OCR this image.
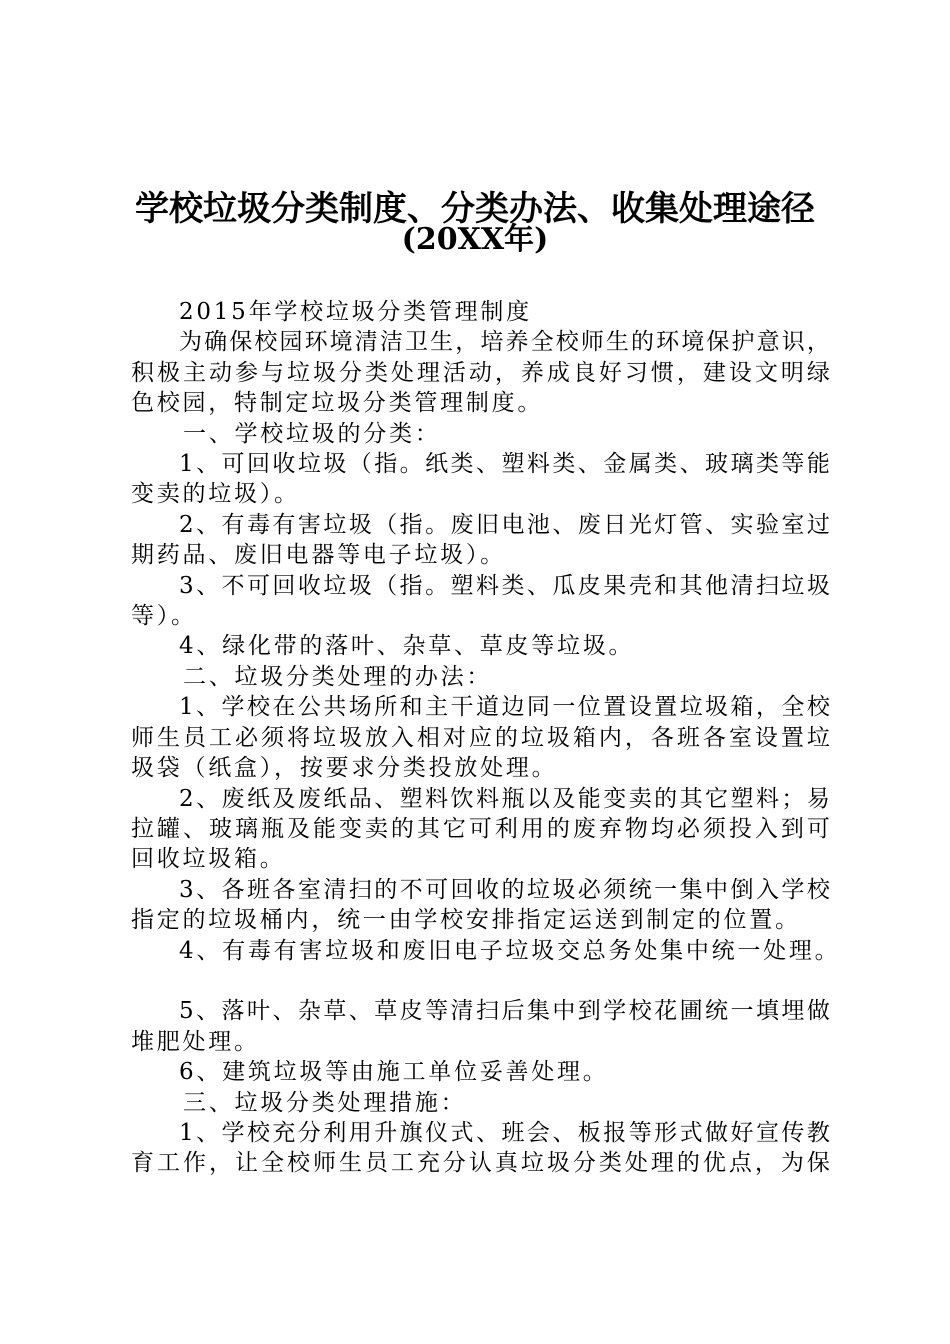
学校垃圾分类制度、分类办法、收集处理途径
(20XX年)

2015年学校垃圾分类管理制度

为确保校园环境清洁卫生，培养全校师生的环境保护意识，

积极主动参与垃圾分类处理活动，养成良好习惯，建设文明绿

色校园，特制定垃圾分类管理制度。

一、学校垃圾的分类：

1、可回收垃圾（指。纸类、塑料类、金属类、玻璃类等能

变卖的垃圾）。

2、有毒有害垃圾（指。废旧电池、废日光灯管、实验室过

期药品、废旧电器等电子垃圾）。

3、不可回收垃圾（指。塑料类、瓜皮果壳和其他清扫垃圾

等）。

4、绿化带的落叶、杂草、草皮等垃圾。

二、垃圾分类处理的办法：

1、学校在公共场所和主干道边同一位置设置垃圾箱，全校

师生员工必须将垃圾放入相对应的垃圾箱内，各班各室设置垃

圾袋（纸盒），按要求分类投放处理。

2、废纸及废纸品、塑料饮料瓶以及能变卖的其它塑料；易

拉罐、玻璃瓶及能变卖的其它可利用的废弃物均必须投入到可

回收垃圾箱。

3、各班各室清扫的不可回收的垃圾必须统一集中倒入学校

指定的垃圾桶内，统一由学校安排指定运送到制定的位置。

4、有毒有害垃圾和废旧电子垃圾交总务处集中统一处理。

5、落叶、杂草、草皮等清扫后集中到学校花圃统一填埋做

堆肥处理。

6、建筑垃圾等由施工单位妥善处理。

三、垃圾分类处理措施：

1、学校充分利用升旗仪式、班会、板报等形式做好宣传教

育工作，让全校师生员工充分认真垃圾分类处理的优点，为保
